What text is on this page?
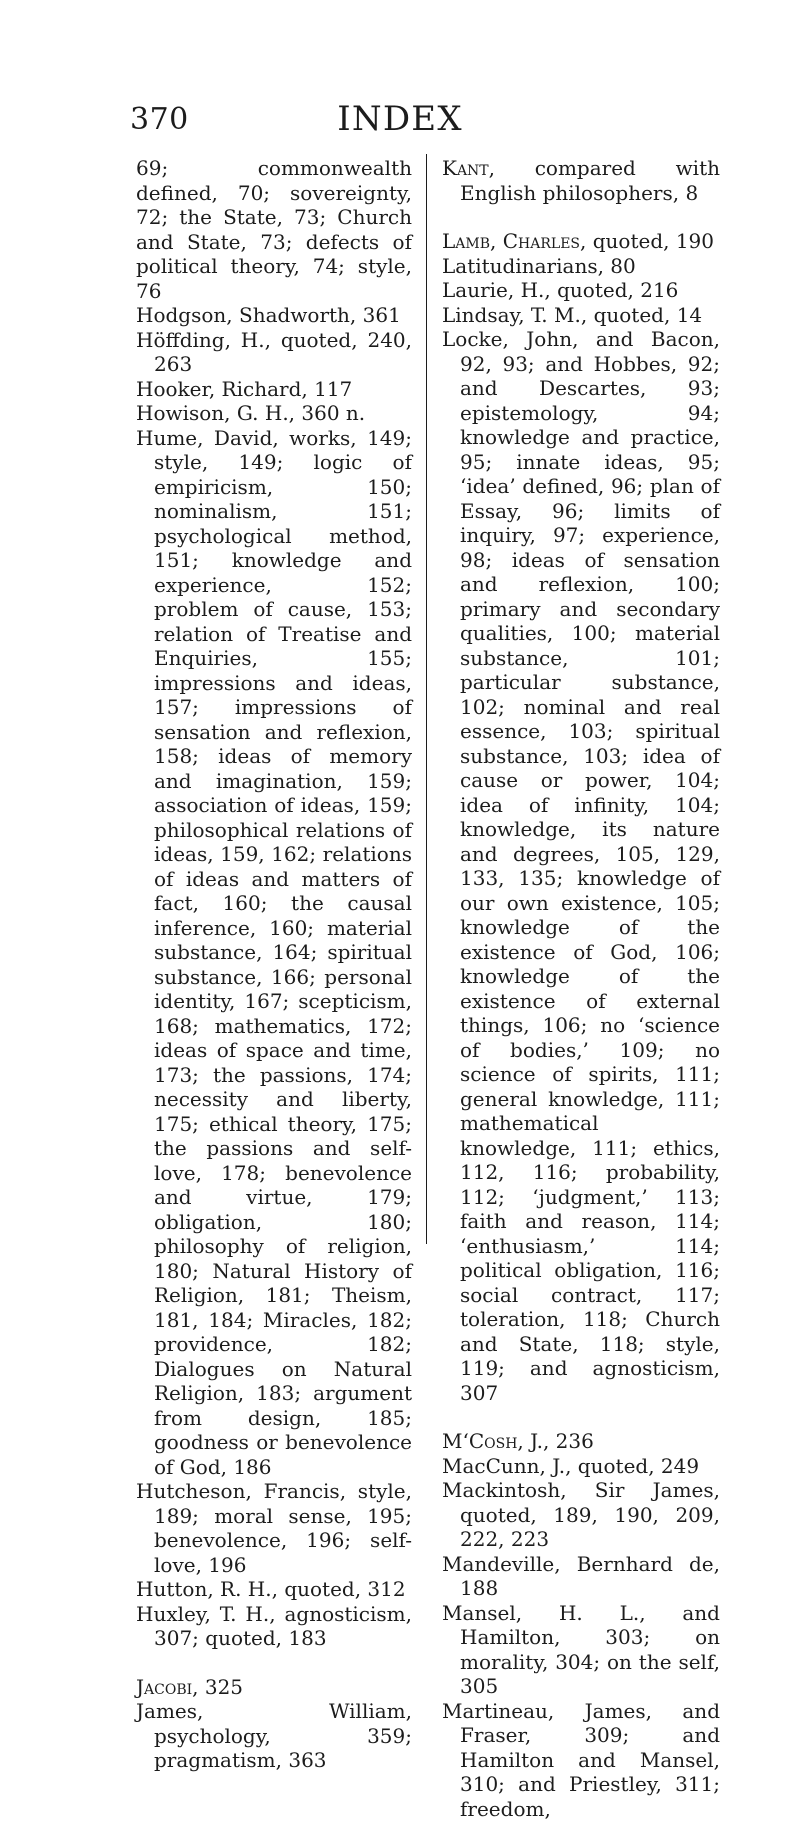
370	INDEX

69; commonwealth defined, 70; sovereignty, 72; the State, 73; Church and State, 73; defects of political theory, 74; style, 76

Hodgson, Shadworth, 361

Höffding, H., quoted, 240, 263

Hooker, Richard, 117

Howison, G. H., 360 n.

Hume, David, works, 149; style, 149; logic of empiricism, 150; nominalism, 151; psychological method, 151; knowledge and experience, 152; problem of cause, 153; relation of Treatise and Enquiries, 155; impressions and ideas, 157; impressions of sensation and reflexion, 158; ideas of memory and imagination, 159; association of ideas, 159; philosophical relations of ideas, 159, 162; relations of ideas and matters of fact, 160; the causal inference, 160; material substance, 164; spiritual substance, 166; personal identity, 167; scepticism, 168; mathematics, 172; ideas of space and time, 173; the passions, 174; necessity and liberty, 175; ethical theory, 175; the passions and self-love, 178; benevolence and virtue, 179; obligation, 180; philosophy of religion, 180; Natural History of Religion, 181; Theism, 181, 184; Miracles, 182; providence, 182; Dialogues on Natural Religion, 183; argument from design, 185; goodness or benevolence of God, 186

Hutcheson, Francis, style, 189; moral sense, 195; benevolence, 196; self-love, 196

Hutton, R. H., quoted, 312

Huxley, T. H., agnosticism, 307; quoted, 183

Jacobi, 325

James, William, psychology, 359; pragmatism, 363

Kant, compared with English philosophers, 8

Lamb, Charles, quoted, 190

Latitudinarians, 80

Laurie, H., quoted, 216

Lindsay, T. M., quoted, 14

Locke, John, and Bacon, 92, 93; and Hobbes, 92; and Descartes, 93; epistemology, 94; knowledge and practice, 95; innate ideas, 95; ‘idea’ defined, 96; plan of Essay, 96; limits of inquiry, 97; experience, 98; ideas of sensation and reflexion, 100; primary and secondary qualities, 100; material substance, 101; particular substance, 102; nominal and real essence, 103; spiritual substance, 103; idea of cause or power, 104; idea of infinity, 104; knowledge, its nature and degrees, 105, 129, 133, 135; knowledge of our own existence, 105; knowledge of the existence of God, 106; knowledge of the existence of external things, 106; no ‘science of bodies,’ 109; no science of spirits, 111; general knowledge, 111; mathematical knowledge, 111; ethics, 112, 116; probability, 112; ‘judgment,’ 113; faith and reason, 114; ‘enthusiasm,’ 114; political obligation, 116; social contract, 117; toleration, 118; Church and State, 118; style, 119; and agnosticism, 307

M‘Cosh, J., 236

MacCunn, J., quoted, 249

Mackintosh, Sir James, quoted, 189, 190, 209, 222, 223

Mandeville, Bernhard de, 188

Mansel, H. L., and Hamilton, 303; on morality, 304; on the self, 305

Martineau, James, and Fraser, 309; and Hamilton and Mansel, 310; and Priestley, 311; freedom,
